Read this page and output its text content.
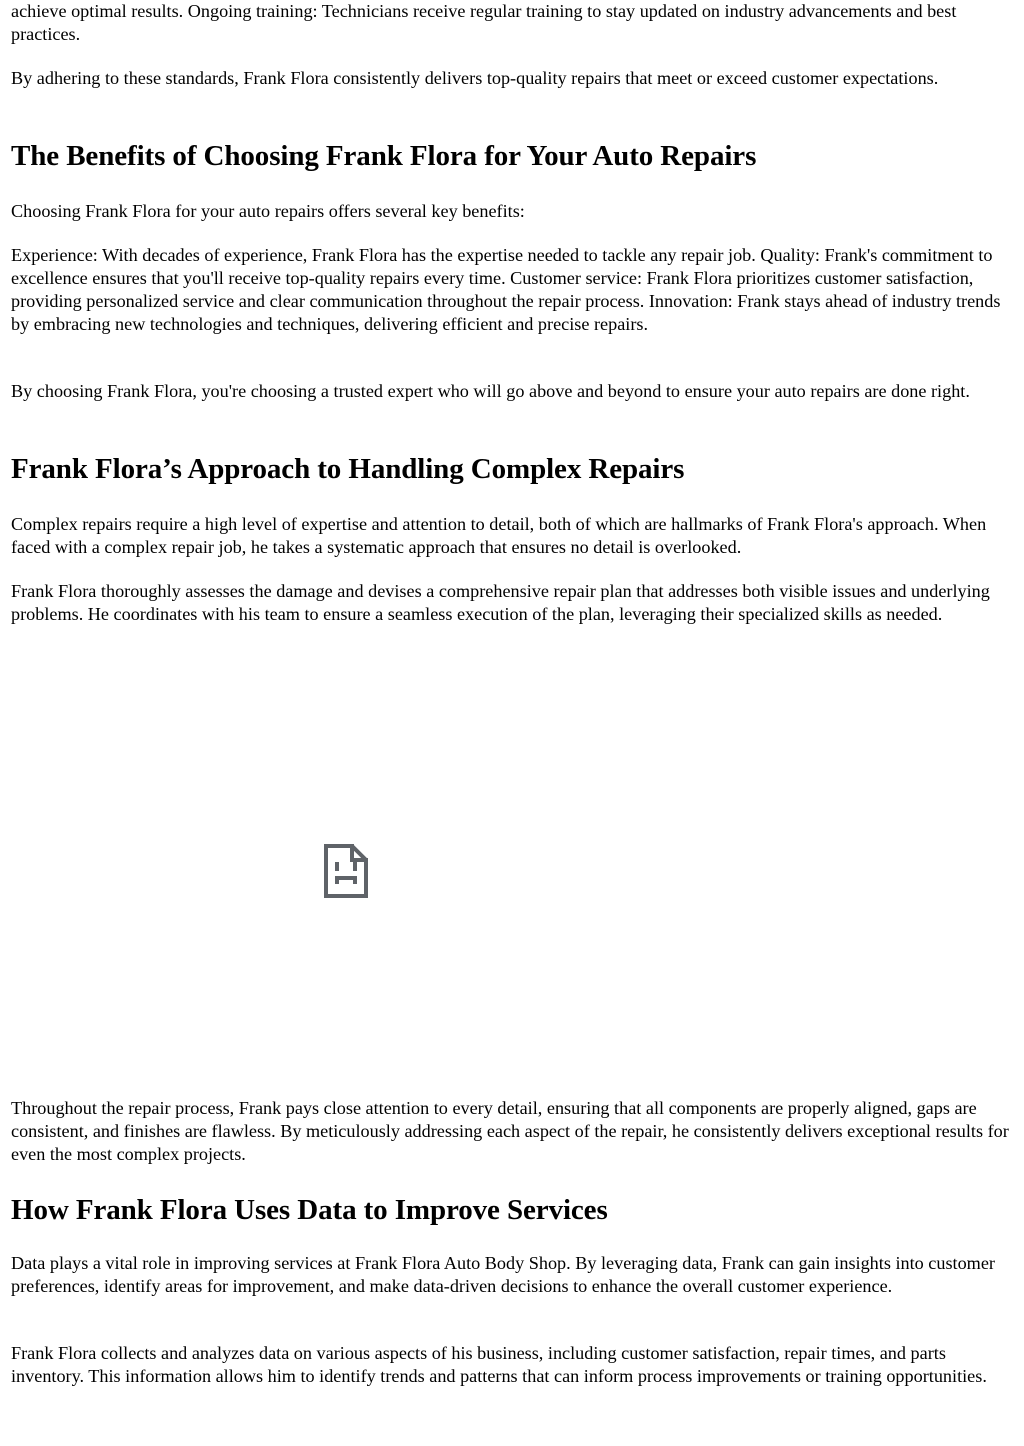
achieve optimal results. Ongoing training: Technicians receive regular training to stay updated on industry advancements and best practices.

By adhering to these standards, Frank Flora consistently delivers top-quality repairs that meet or exceed customer expectations.

The Benefits of Choosing Frank Flora for Your Auto Repairs

Choosing Frank Flora for your auto repairs offers several key benefits:

Experience: With decades of experience, Frank Flora has the expertise needed to tackle any repair job. Quality: Frank's commitment to excellence ensures that you'll receive top-quality repairs every time. Customer service: Frank Flora prioritizes customer satisfaction, providing personalized service and clear communication throughout the repair process. Innovation: Frank stays ahead of industry trends by embracing new technologies and techniques, delivering efficient and precise repairs.

By choosing Frank Flora, you're choosing a trusted expert who will go above and beyond to ensure your auto repairs are done right.

Frank Flora’s Approach to Handling Complex Repairs

Complex repairs require a high level of expertise and attention to detail, both of which are hallmarks of Frank Flora's approach. When faced with a complex repair job, he takes a systematic approach that ensures no detail is overlooked.

Frank Flora thoroughly assesses the damage and devises a comprehensive repair plan that addresses both visible issues and underlying problems. He coordinates with his team to ensure a seamless execution of the plan, leveraging their specialized skills as needed.

Throughout the repair process, Frank pays close attention to every detail, ensuring that all components are properly aligned, gaps are consistent, and finishes are flawless. By meticulously addressing each aspect of the repair, he consistently delivers exceptional results for even the most complex projects.

How Frank Flora Uses Data to Improve Services

Data plays a vital role in improving services at Frank Flora Auto Body Shop. By leveraging data, Frank can gain insights into customer preferences, identify areas for improvement, and make data-driven decisions to enhance the overall customer experience.

Frank Flora collects and analyzes data on various aspects of his business, including customer satisfaction, repair times, and parts inventory. This information allows him to identify trends and patterns that can inform process improvements or training opportunities.
